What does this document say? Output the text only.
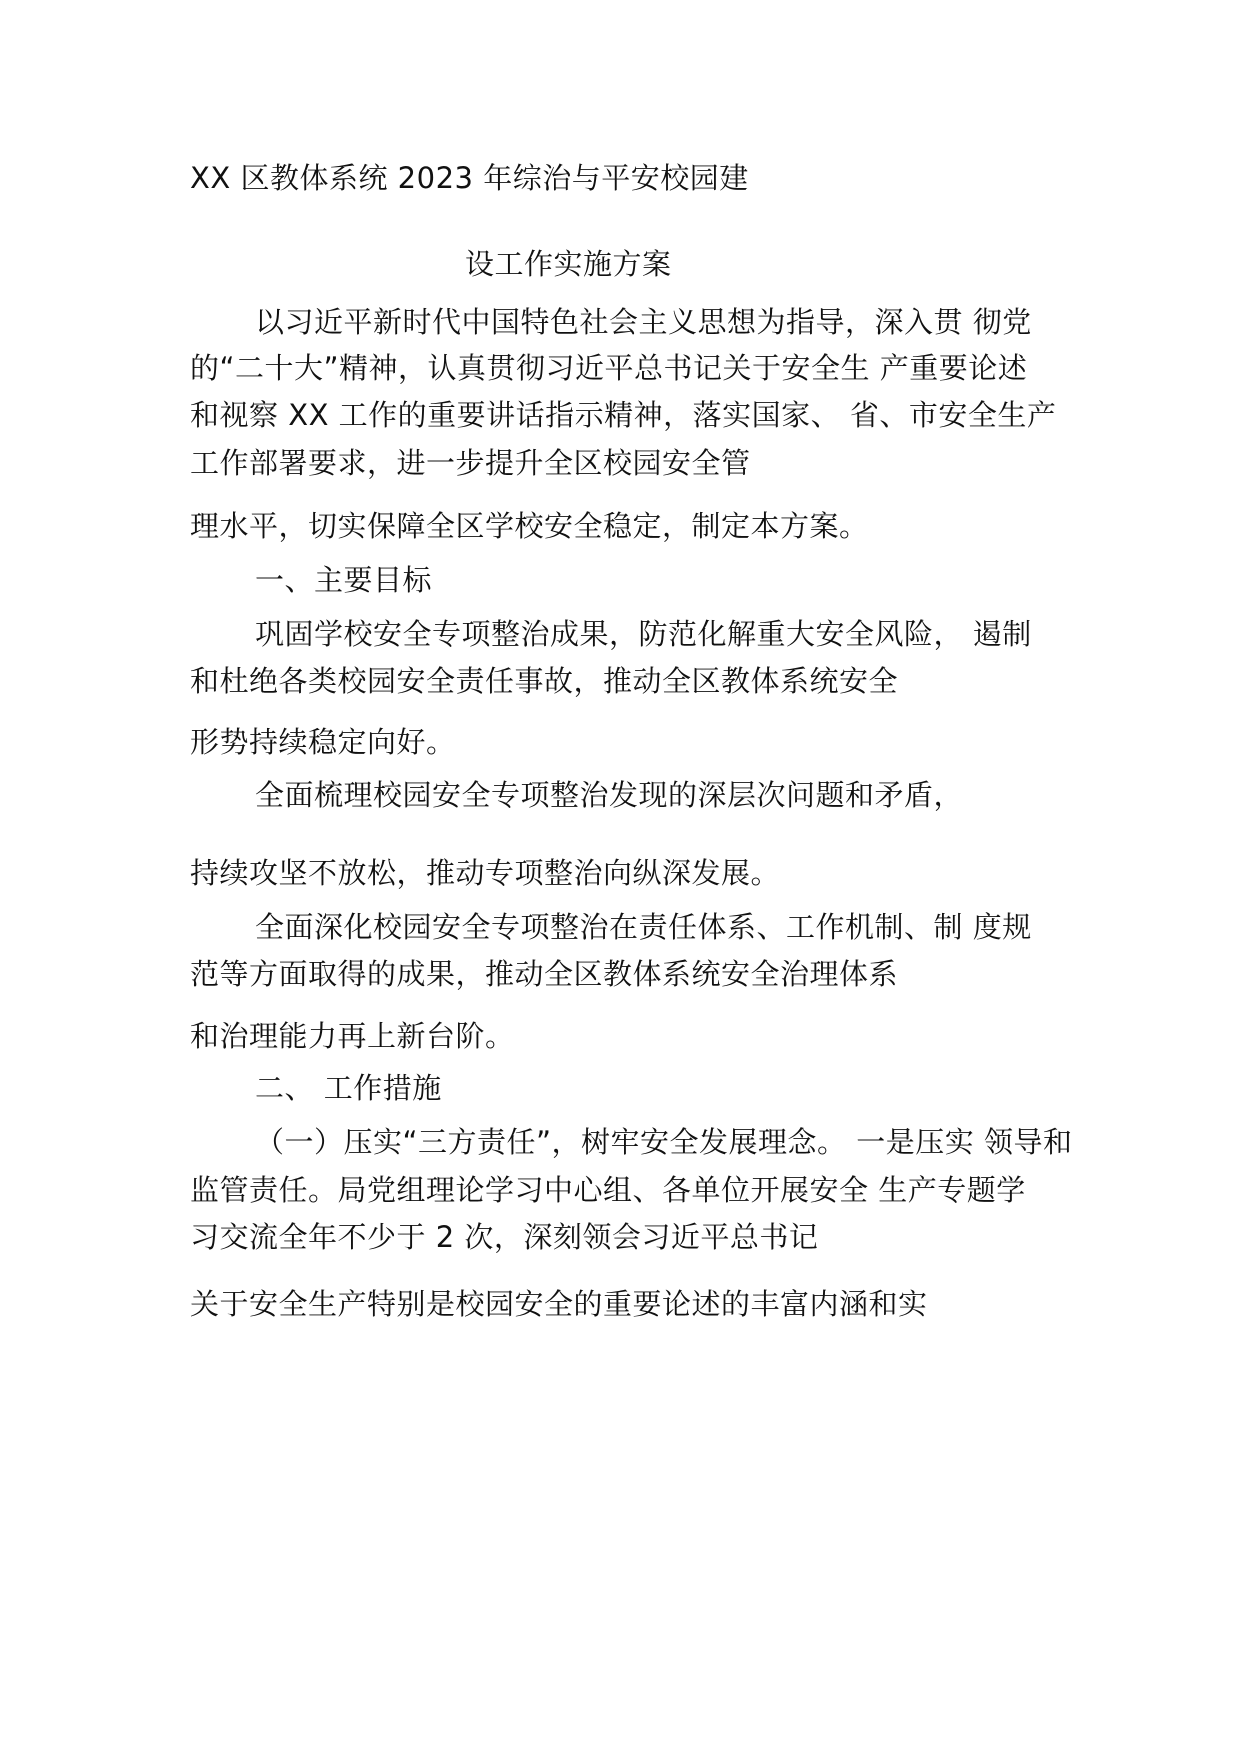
XX 区教体系统 2023 年综治与平安校园建
设工作实施方案
以习近平新时代中国特色社会主义思想为指导，深入贯 彻党
的“二十大”精神，认真贯彻习近平总书记关于安全生 产重要论述
和视察 XX 工作的重要讲话指示精神，落实国家、 省、市安全生产
工作部署要求，进一步提升全区校园安全管
理水平，切实保障全区学校安全稳定，制定本方案。
一、主要目标
巩固学校安全专项整治成果，防范化解重大安全风险， 遏制
和杜绝各类校园安全责任事故，推动全区教体系统安全
形势持续稳定向好。
全面梳理校园安全专项整治发现的深层次问题和矛盾，
持续攻坚不放松，推动专项整治向纵深发展。
全面深化校园安全专项整治在责任体系、工作机制、制 度规
范等方面取得的成果，推动全区教体系统安全治理体系
和治理能力再上新台阶。
二、 工作措施
（一）压实“三方责任”，树牢安全发展理念。 一是压实 领导和
监管责任。局党组理论学习中心组、各单位开展安全 生产专题学
习交流全年不少于 2 次，深刻领会习近平总书记
关于安全生产特别是校园安全的重要论述的丰富内涵和实
